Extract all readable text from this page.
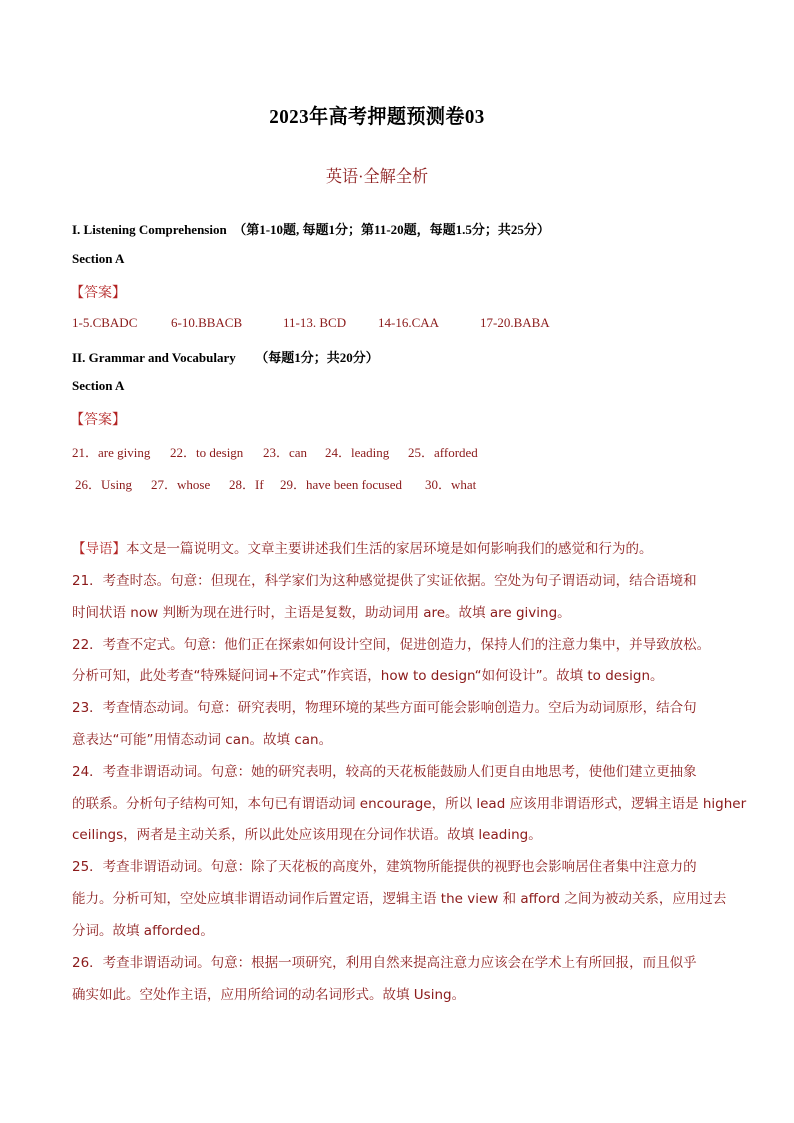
2023年高考押题预测卷03
英语·全解全析
I. Listening Comprehension　（第1-10题, 每题1分；第11-20题，每题1.5分；共25分）
Section A
【答案】
1-5.CBADC	6-10.BBACB	11-13. BCD 14-16.CAA	17-20.BABA
II. Grammar and Vocabulary　　（每题1分；共20分）
Section A
【答案】
21．are giving 22．to design 23．can 24．leading 25．afforded
26．Using 27．whose 28．If 29．have been focused 30．what
【导语】本文是一篇说明文。文章主要讲述我们生活的家居环境是如何影响我们的感觉和行为的。
21．考查时态。句意：但现在，科学家们为这种感觉提供了实证依据。空处为句子谓语动词，结合语境和
时间状语 now 判断为现在进行时，主语是复数，助动词用 are。故填 are giving。
22．考查不定式。句意：他们正在探索如何设计空间，促进创造力，保持人们的注意力集中，并导致放松。
分析可知，此处考查“特殊疑问词+不定式”作宾语，how to design“如何设计”。故填 to design。
23．考查情态动词。句意：研究表明，物理环境的某些方面可能会影响创造力。空后为动词原形，结合句
意表达“可能”用情态动词 can。故填 can。
24．考查非谓语动词。句意：她的研究表明，较高的天花板能鼓励人们更自由地思考，使他们建立更抽象
的联系。分析句子结构可知，本句已有谓语动词 encourage，所以 lead 应该用非谓语形式，逻辑主语是 higher
ceilings，两者是主动关系，所以此处应该用现在分词作状语。故填 leading。
25．考查非谓语动词。句意：除了天花板的高度外，建筑物所能提供的视野也会影响居住者集中注意力的
能力。分析可知，空处应填非谓语动词作后置定语，逻辑主语 the view 和 afford 之间为被动关系，应用过去
分词。故填 afforded。
26．考查非谓语动词。句意：根据一项研究，利用自然来提高注意力应该会在学术上有所回报，而且似乎
确实如此。空处作主语，应用所给词的动名词形式。故填 Using。
